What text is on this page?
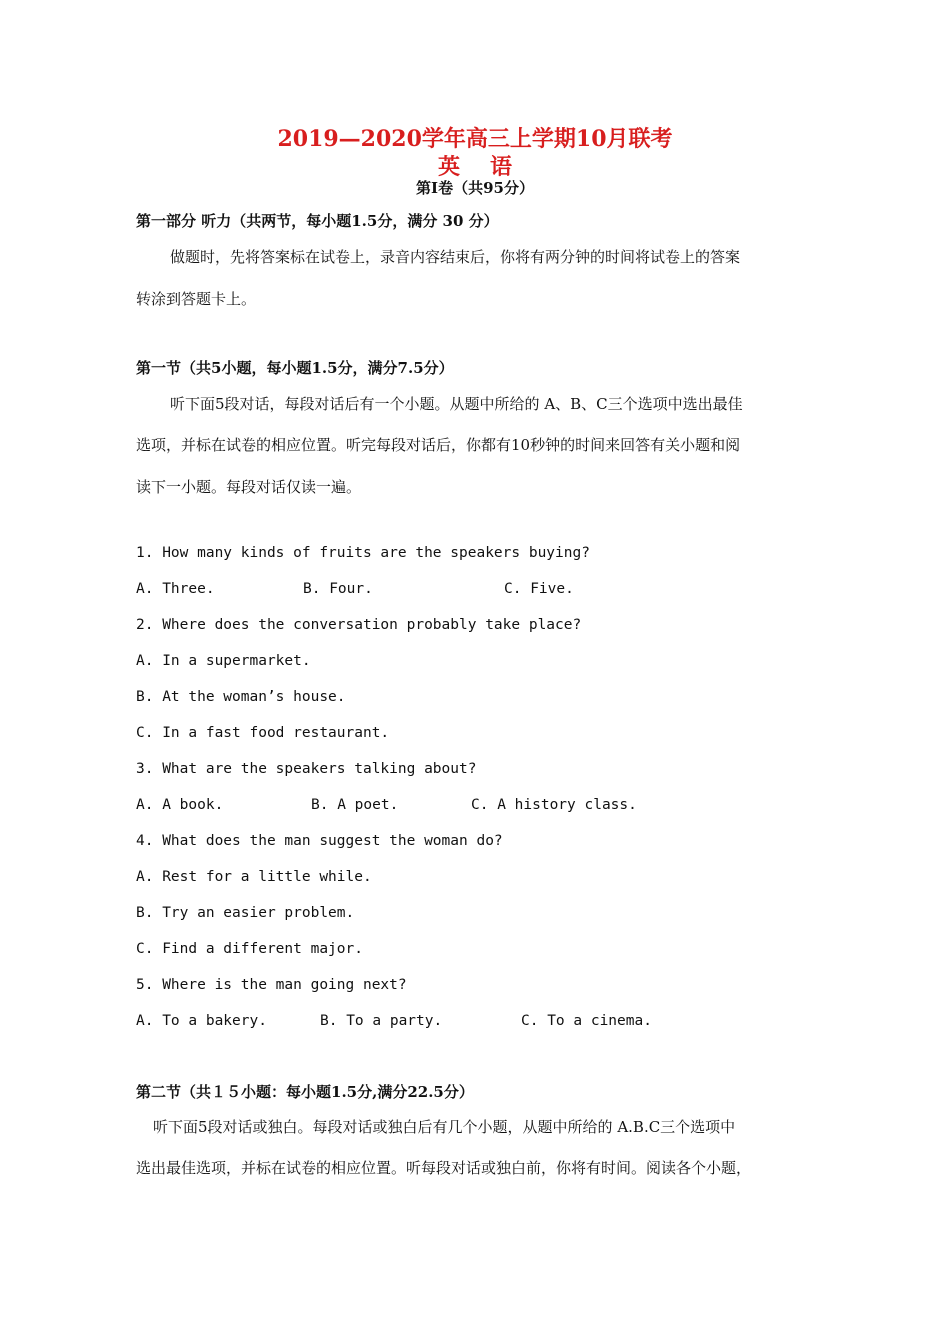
2019—2020学年高三上学期10月联考
英语
第Ⅰ卷（共95分）
第一部分 听力（共两节，每小题1.5分，满分 30 分）
做题时，先将答案标在试卷上，录音内容结束后，你将有两分钟的时间将试卷上的答案
转涂到答题卡上。
第一节（共5小题，每小题1.5分，满分7.5分）
听下面5段对话，每段对话后有一个小题。从题中所给的 A、B、C三个选项中选出最佳
选项，并标在试卷的相应位置。听完每段对话后，你都有10秒钟的时间来回答有关小题和阅
读下一小题。每段对话仅读一遍。
1. How many kinds of fruits are the speakers buying?
A. Three.	B. Four.	C. Five.
2. Where does the conversation probably take place?
A. In a supermarket.
B. At the woman’s house.
C. In a fast food restaurant.
3. What are the speakers talking about?
A. A book.	B. A poet.	C. A history class.
4. What does the man suggest the woman do?
A. Rest for a little while.
B. Try an easier problem.
C. Find a different major.
5. Where is the man going next?
A. To a bakery.	B. To a party.	C. To a cinema.
第二节（共１５小题：每小题1.5分,满分22.5分）
听下面5段对话或独白。每段对话或独白后有几个小题，从题中所给的 A.B.C三个选项中
选出最佳选项，并标在试卷的相应位置。听每段对话或独白前，你将有时间。阅读各个小题，
